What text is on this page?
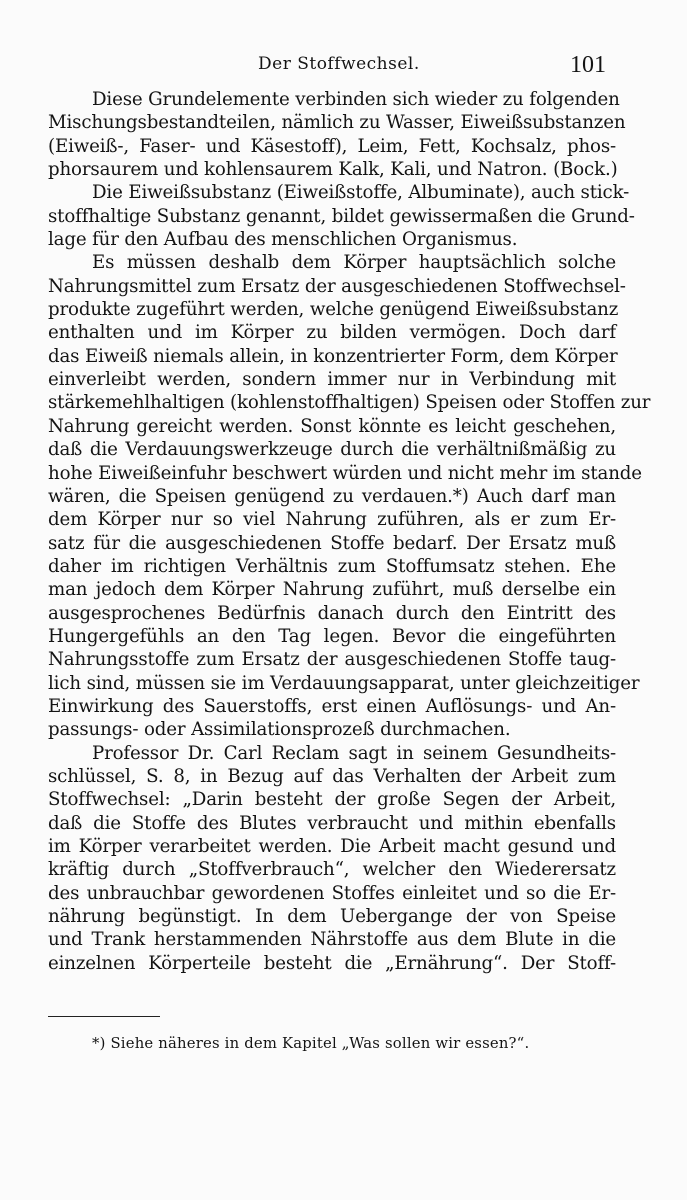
Der Stoffwechsel.	101
Diese Grundelemente verbinden sich wieder zu folgenden
Mischungsbestandteilen, nämlich zu Wasser, Eiweißsubstanzen
(Eiweiß-, Faser- und Käsestoff), Leim, Fett, Kochsalz, phos-
phorsaurem und kohlensaurem Kalk, Kali, und Natron. (Bock.)
Die Eiweißsubstanz (Eiweißstoffe, Albuminate), auch stick-
stoffhaltige Substanz genannt, bildet gewissermaßen die Grund-
lage für den Aufbau des menschlichen Organismus.
Es müssen deshalb dem Körper hauptsächlich solche
Nahrungsmittel zum Ersatz der ausgeschiedenen Stoffwechsel-
produkte zugeführt werden, welche genügend Eiweißsubstanz
enthalten und im Körper zu bilden vermögen. Doch darf
das Eiweiß niemals allein, in konzentrierter Form, dem Körper
einverleibt werden, sondern immer nur in Verbindung mit
stärkemehlhaltigen (kohlenstoffhaltigen) Speisen oder Stoffen zur
Nahrung gereicht werden. Sonst könnte es leicht geschehen,
daß die Verdauungswerkzeuge durch die verhältnißmäßig zu
hohe Eiweißeinfuhr beschwert würden und nicht mehr im stande
wären, die Speisen genügend zu verdauen.*) Auch darf man
dem Körper nur so viel Nahrung zuführen, als er zum Er-
satz für die ausgeschiedenen Stoffe bedarf. Der Ersatz muß
daher im richtigen Verhältnis zum Stoffumsatz stehen. Ehe
man jedoch dem Körper Nahrung zuführt, muß derselbe ein
ausgesprochenes Bedürfnis danach durch den Eintritt des
Hungergefühls an den Tag legen. Bevor die eingeführten
Nahrungsstoffe zum Ersatz der ausgeschiedenen Stoffe taug-
lich sind, müssen sie im Verdauungsapparat, unter gleichzeitiger
Einwirkung des Sauerstoffs, erst einen Auflösungs- und An-
passungs- oder Assimilationsprozeß durchmachen.
Professor Dr. Carl Reclam sagt in seinem Gesundheits-
schlüssel, S. 8, in Bezug auf das Verhalten der Arbeit zum
Stoffwechsel: „Darin besteht der große Segen der Arbeit,
daß die Stoffe des Blutes verbraucht und mithin ebenfalls
im Körper verarbeitet werden. Die Arbeit macht gesund und
kräftig durch „Stoffverbrauch“, welcher den Wiederersatz
des unbrauchbar gewordenen Stoffes einleitet und so die Er-
nährung begünstigt. In dem Uebergange der von Speise
und Trank herstammenden Nährstoffe aus dem Blute in die
einzelnen Körperteile besteht die „Ernährung“. Der Stoff-
*) Siehe näheres in dem Kapitel „Was sollen wir essen?“.
